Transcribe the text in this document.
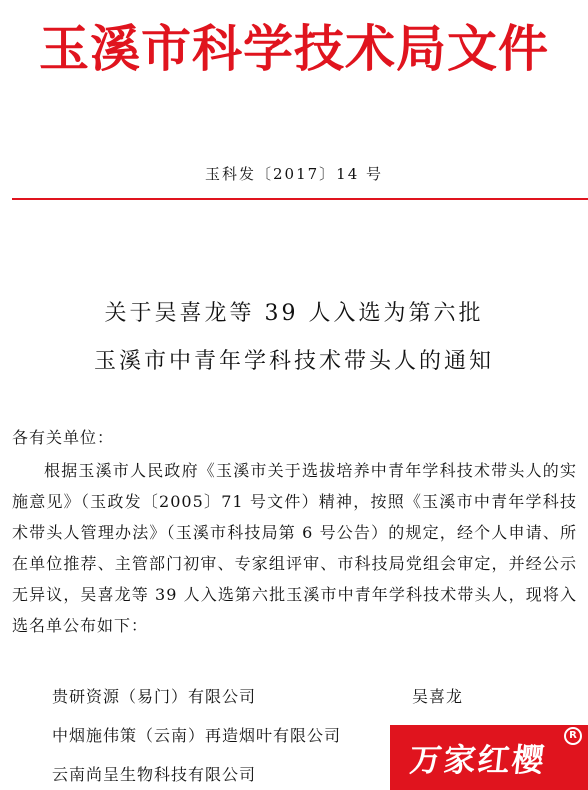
玉溪市科学技术局文件
玉科发〔2017〕14 号
关于吴喜龙等 39 人入选为第六批
玉溪市中青年学科技术带头人的通知
各有关单位：

根据玉溪市人民政府《玉溪市关于选拔培养中青年学科技术带头人的实施意见》（玉政发〔2005〕71 号文件）精神，按照《玉溪市中青年学科技术带头人管理办法》（玉溪市科技局第 6 号公告）的规定，经个人申请、所在单位推荐、主管部门初审、专家组评审、市科技局党组会审定，并经公示无异议，吴喜龙等 39 人入选第六批玉溪市中青年学科技术带头人，现将入选名单公布如下：

贵研资源（易门）有限公司	吴喜龙
中烟施伟策（云南）再造烟叶有限公司
云南尚呈生物科技有限公司	万家红樱
R
